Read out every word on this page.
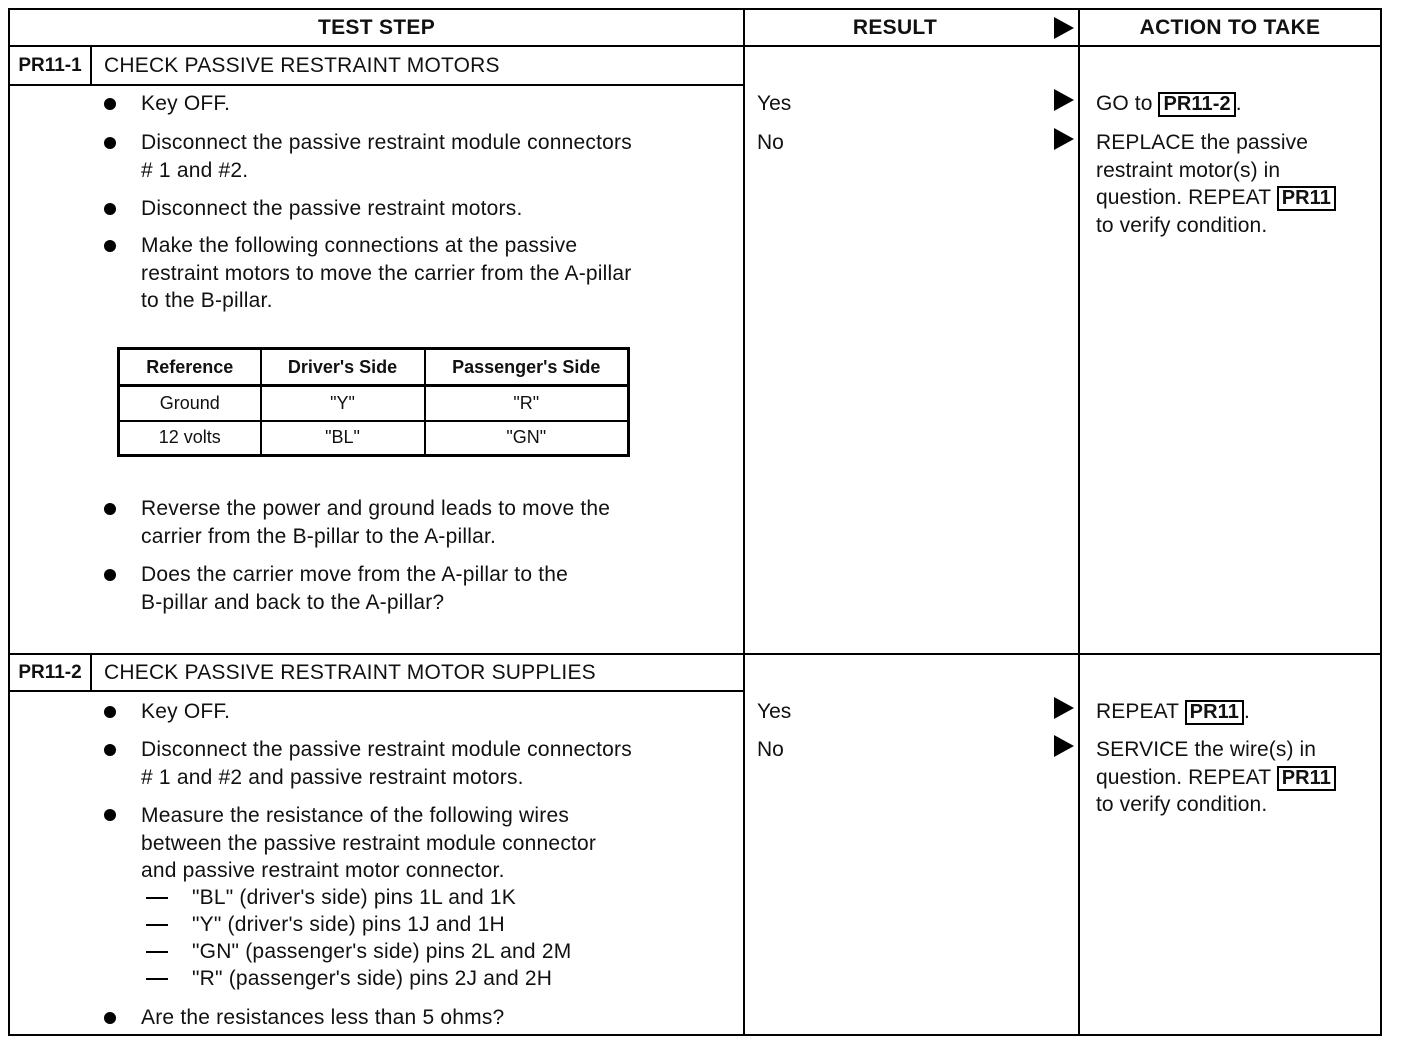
TEST STEP	RESULT	ACTION TO TAKE
PR11-1	CHECK PASSIVE RESTRAINT MOTORS
Key OFF.
Disconnect the passive restraint module connectors
# 1 and #2.
Disconnect the passive restraint motors.
Make the following connections at the passive
restraint motors to move the carrier from the A-pillar
to the B-pillar.
Reference	Driver's Side	Passenger's Side
Ground	"Y"	"R"
12 volts	"BL"	"GN"
Reverse the power and ground leads to move the
carrier from the B-pillar to the A-pillar.
Does the carrier move from the A-pillar to the
B-pillar and back to the A-pillar?
Yes	GO to PR11-2 .
No	REPLACE the passive
restraint motor(s) in
question. REPEAT PR11
to verify condition.
PR11-2	CHECK PASSIVE RESTRAINT MOTOR SUPPLIES
Key OFF.
Disconnect the passive restraint module connectors
# 1 and #2 and passive restraint motors.
Measure the resistance of the following wires
between the passive restraint module connector
and passive restraint motor connector.
"BL" (driver's side) pins 1L and 1K
"Y" (driver's side) pins 1J and 1H
"GN" (passenger's side) pins 2L and 2M
"R" (passenger's side) pins 2J and 2H
Are the resistances less than 5 ohms?
Yes	REPEAT PR11 .
No	SERVICE the wire(s) in
question. REPEAT PR11
to verify condition.
